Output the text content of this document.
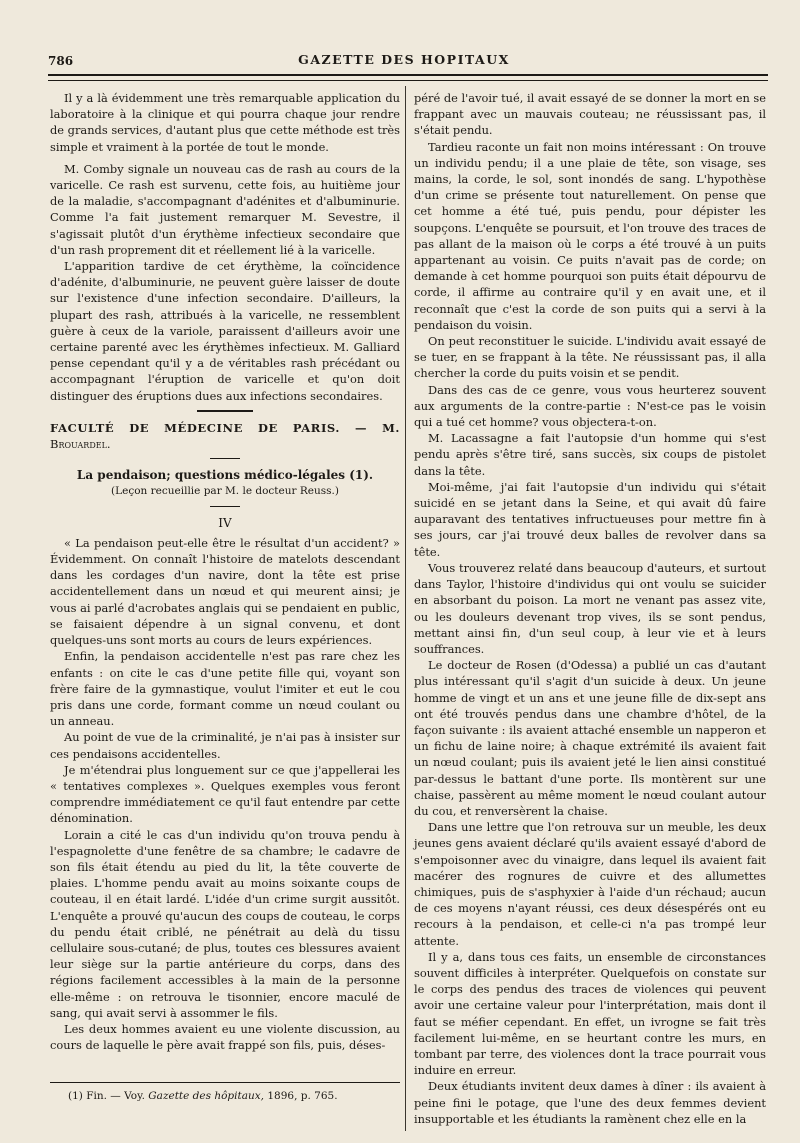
786	GAZETTE DES HOPITAUX

Il y a là évidemment une très remarquable application du laboratoire à la clinique et qui pourra chaque jour rendre de grands services, d'autant plus que cette méthode est très simple et vraiment à la portée de tout le monde.

M. Comby signale un nouveau cas de rash au cours de la varicelle. Ce rash est survenu, cette fois, au huitième jour de la maladie, s'accompagnant d'adénites et d'albuminurie. Comme l'a fait justement remarquer M. Sevestre, il s'agissait plutôt d'un érythème infectieux secondaire que d'un rash proprement dit et réellement lié à la varicelle.

L'apparition tardive de cet érythème, la coïncidence d'adénite, d'albuminurie, ne peuvent guère laisser de doute sur l'existence d'une infection secondaire. D'ailleurs, la plupart des rash, attribués à la varicelle, ne ressemblent guère à ceux de la variole, paraissent d'ailleurs avoir une certaine parenté avec les érythèmes infectieux. M. Galliard pense cependant qu'il y a de véritables rash précédant ou accompagnant l'éruption de varicelle et qu'on doit distinguer des éruptions dues aux infections secondaires.

FACULTÉ DE MÉDECINE DE PARIS. — M. Brouardel.

La pendaison; questions médico-légales (1).

(Leçon recueillie par M. le docteur Reuss.)

IV

« La pendaison peut-elle être le résultat d'un accident? » Évidemment. On connaît l'histoire de matelots descendant dans les cordages d'un navire, dont la tête est prise accidentellement dans un nœud et qui meurent ainsi; je vous ai parlé d'acrobates anglais qui se pendaient en public, se faisaient dépendre à un signal convenu, et dont quelques-uns sont morts au cours de leurs expériences.

Enfin, la pendaison accidentelle n'est pas rare chez les enfants : on cite le cas d'une petite fille qui, voyant son frère faire de la gymnastique, voulut l'imiter et eut le cou pris dans une corde, formant comme un nœud coulant ou un anneau.

Au point de vue de la criminalité, je n'ai pas à insister sur ces pendaisons accidentelles.

Je m'étendrai plus longuement sur ce que j'appellerai les « tentatives complexes ». Quelques exemples vous feront comprendre immédiatement ce qu'il faut entendre par cette dénomination.

Lorain a cité le cas d'un individu qu'on trouva pendu à l'espagnolette d'une fenêtre de sa chambre; le cadavre de son fils était étendu au pied du lit, la tête couverte de plaies. L'homme pendu avait au moins soixante coups de couteau, il en était lardé. L'idée d'un crime surgit aussitôt. L'enquête a prouvé qu'aucun des coups de couteau, le corps du pendu était criblé, ne pénétrait au delà du tissu cellulaire sous-cutané; de plus, toutes ces blessures avaient leur siège sur la partie antérieure du corps, dans des régions facilement accessibles à la main de la personne elle-même : on retrouva le tisonnier, encore maculé de sang, qui avait servi à assommer le fils.

Les deux hommes avaient eu une violente discussion, au cours de laquelle le père avait frappé son fils, puis, déses-

péré de l'avoir tué, il avait essayé de se donner la mort en se frappant avec un mauvais couteau; ne réussissant pas, il s'était pendu.

Tardieu raconte un fait non moins intéressant : On trouve un individu pendu; il a une plaie de tête, son visage, ses mains, la corde, le sol, sont inondés de sang. L'hypothèse d'un crime se présente tout naturellement. On pense que cet homme a été tué, puis pendu, pour dépister les soupçons. L'enquête se poursuit, et l'on trouve des traces de pas allant de la maison où le corps a été trouvé à un puits appartenant au voisin. Ce puits n'avait pas de corde; on demande à cet homme pourquoi son puits était dépourvu de corde, il affirme au contraire qu'il y en avait une, et il reconnaît que c'est la corde de son puits qui a servi à la pendaison du voisin.

On peut reconstituer le suicide. L'individu avait essayé de se tuer, en se frappant à la tête. Ne réussissant pas, il alla chercher la corde du puits voisin et se pendit.

Dans des cas de ce genre, vous vous heurterez souvent aux arguments de la contre-partie : N'est-ce pas le voisin qui a tué cet homme? vous objectera-t-on.

M. Lacassagne a fait l'autopsie d'un homme qui s'est pendu après s'être tiré, sans succès, six coups de pistolet dans la tête.

Moi-même, j'ai fait l'autopsie d'un individu qui s'était suicidé en se jetant dans la Seine, et qui avait dû faire auparavant des tentatives infructueuses pour mettre fin à ses jours, car j'ai trouvé deux balles de revolver dans sa tête.

Vous trouverez relaté dans beaucoup d'auteurs, et surtout dans Taylor, l'histoire d'individus qui ont voulu se suicider en absorbant du poison. La mort ne venant pas assez vite, ou les douleurs devenant trop vives, ils se sont pendus, mettant ainsi fin, d'un seul coup, à leur vie et à leurs souffrances.

Le docteur de Rosen (d'Odessa) a publié un cas d'autant plus intéressant qu'il s'agit d'un suicide à deux. Un jeune homme de vingt et un ans et une jeune fille de dix-sept ans ont été trouvés pendus dans une chambre d'hôtel, de la façon suivante : ils avaient attaché ensemble un napperon et un fichu de laine noire; à chaque extrémité ils avaient fait un nœud coulant; puis ils avaient jeté le lien ainsi constitué par-dessus le battant d'une porte. Ils montèrent sur une chaise, passèrent au même moment le nœud coulant autour du cou, et renversèrent la chaise.

Dans une lettre que l'on retrouva sur un meuble, les deux jeunes gens avaient déclaré qu'ils avaient essayé d'abord de s'empoisonner avec du vinaigre, dans lequel ils avaient fait macérer des rognures de cuivre et des allumettes chimiques, puis de s'asphyxier à l'aide d'un réchaud; aucun de ces moyens n'ayant réussi, ces deux désespérés ont eu recours à la pendaison, et celle-ci n'a pas trompé leur attente.

Il y a, dans tous ces faits, un ensemble de circonstances souvent difficiles à interpréter. Quelquefois on constate sur le corps des pendus des traces de violences qui peuvent avoir une certaine valeur pour l'interprétation, mais dont il faut se méfier cependant. En effet, un ivrogne se fait très facilement lui-même, en se heurtant contre les murs, en tombant par terre, des violences dont la trace pourrait vous induire en erreur.

Deux étudiants invitent deux dames à dîner : ils avaient à peine fini le potage, que l'une des deux femmes devient insupportable et les étudiants la ramènent chez elle en la

(1) Fin. — Voy. Gazette des hôpitaux, 1896, p. 765.
